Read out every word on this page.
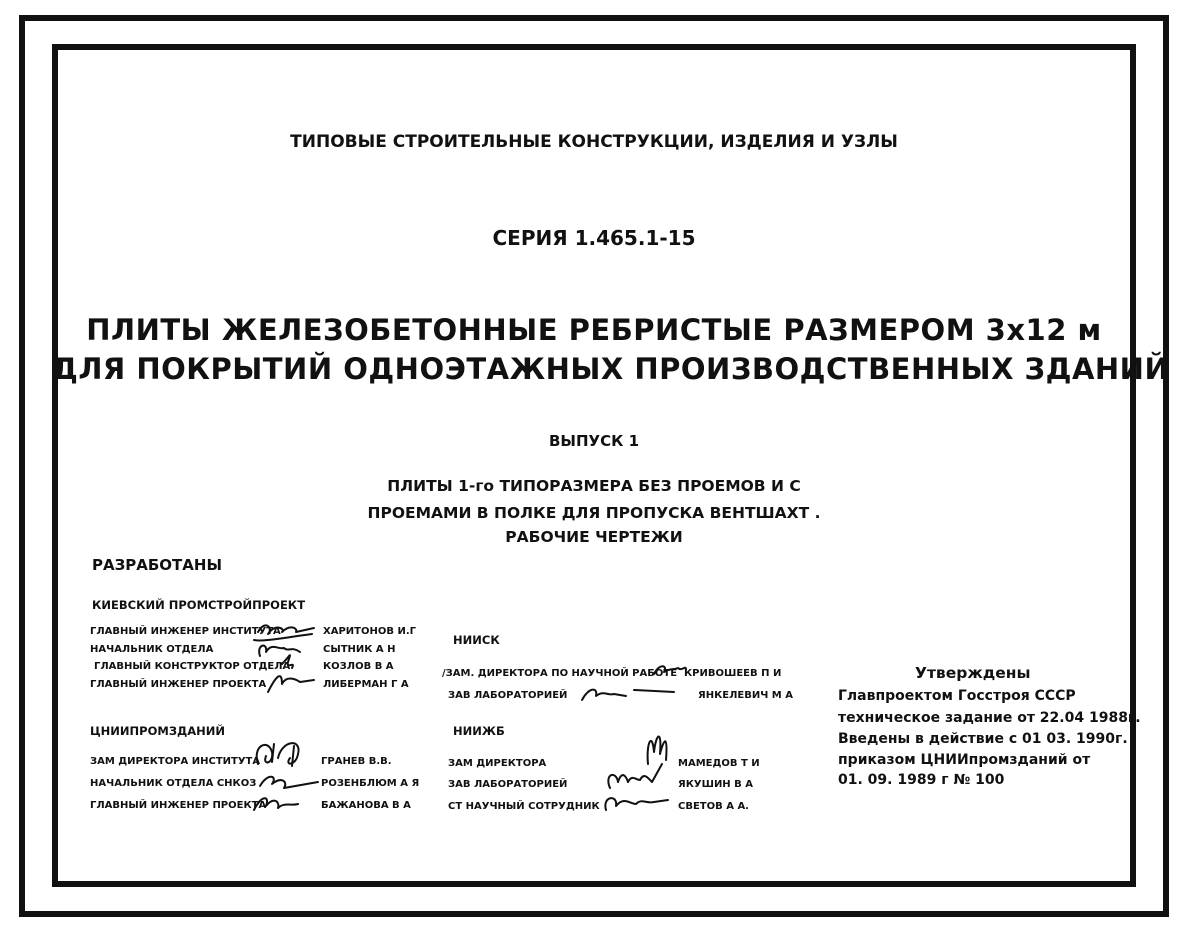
ТИПОВЫЕ СТРОИТЕЛЬНЫЕ КОНСТРУКЦИИ, ИЗДЕЛИЯ И УЗЛЫ
СЕРИЯ 1.465.1-15
ПЛИТЫ ЖЕЛЕЗОБЕТОННЫЕ РЕБРИСТЫЕ РАЗМЕРОМ 3x12 м
ДЛЯ ПОКРЫТИЙ ОДНОЭТАЖНЫХ ПРОИЗВОДСТВЕННЫХ ЗДАНИЙ
ВЫПУСК 1
ПЛИТЫ 1-го ТИПОРАЗМЕРА БЕЗ ПРОЕМОВ И С
ПРОЕМАМИ В ПОЛКЕ ДЛЯ ПРОПУСКА ВЕНТШАХТ .
РАБОЧИЕ ЧЕРТЕЖИ
РАЗРАБОТАНЫ
КИЕВСКИЙ ПРОМСТРОЙПРОЕКТ
ГЛАВНЫЙ ИНЖЕНЕР ИНСТИТУТА	ХАРИТОНОВ И.Г
НАЧАЛЬНИК ОТДЕЛА	СЫТНИК А Н
ГЛАВНЫЙ КОНСТРУКТОР ОТДЕЛА	КОЗЛОВ В А
ГЛАВНЫЙ ИНЖЕНЕР ПРОЕКТА	ЛИБЕРМАН Г А
НИИСК
/ЗАМ. ДИРЕКТОРА ПО НАУЧНОЙ РАБОТЕ КРИВОШЕЕВ П И
ЗАВ ЛАБОРАТОРИЕЙ	ЯНКЕЛЕВИЧ М А
ЦНИИПРОМЗДАНИЙ
ЗАМ ДИРЕКТОРА ИНСТИТУТА	ГРАНЕВ В.В.
НАЧАЛЬНИК ОТДЕЛА СНКОЗ	РОЗЕНБЛЮМ А Я
ГЛАВНЫЙ ИНЖЕНЕР ПРОЕКТА	БАЖАНОВА В А
НИИЖБ
ЗАМ ДИРЕКТОРА	МАМЕДОВ Т И
ЗАВ ЛАБОРАТОРИЕЙ	ЯКУШИН В А
СТ НАУЧНЫЙ СОТРУДНИК	СВЕТОВ А А.
Утверждены
Главпроектом Госстроя СССР
техническое задание от 22.04 1988г.
Введены в действие с 01 03. 1990г.
приказом ЦНИИпромзданий от
01. 09. 1989 г № 100
